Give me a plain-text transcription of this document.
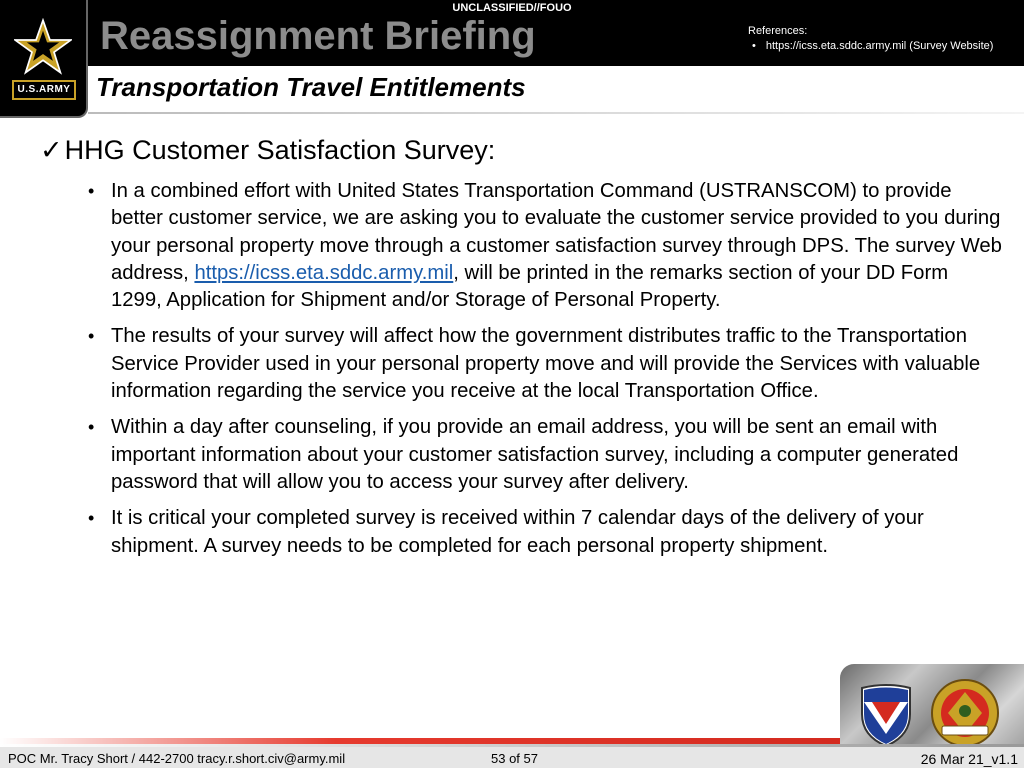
UNCLASSIFIED//FOUO
U.S.ARMY
Reassignment Briefing	References:
• https://icss.eta.sddc.army.mil (Survey Website)
Transportation Travel Entitlements
✓HHG Customer Satisfaction Survey:
• In a combined effort with United States Transportation Command (USTRANSCOM) to provide better customer service, we are asking you to evaluate the customer service provided to you during your personal property move through a customer satisfaction survey through DPS. The survey Web address, https://icss.eta.sddc.army.mil, will be printed in the remarks section of your DD Form 1299, Application for Shipment and/or Storage of Personal Property.
• The results of your survey will affect how the government distributes traffic to the Transportation Service Provider used in your personal property move and will provide the Services with valuable information regarding the service you receive at the local Transportation Office.
• Within a day after counseling, if you provide an email address, you will be sent an email with important information about your customer satisfaction survey, including a computer generated password that will allow you to access your survey after delivery.
• It is critical your completed survey is received within 7 calendar days of the delivery of your shipment. A survey needs to be completed for each personal property shipment.
POC Mr. Tracy Short / 442-2700 tracy.r.short.civ@army.mil	53 of 57	26 Mar 21_v1.1
